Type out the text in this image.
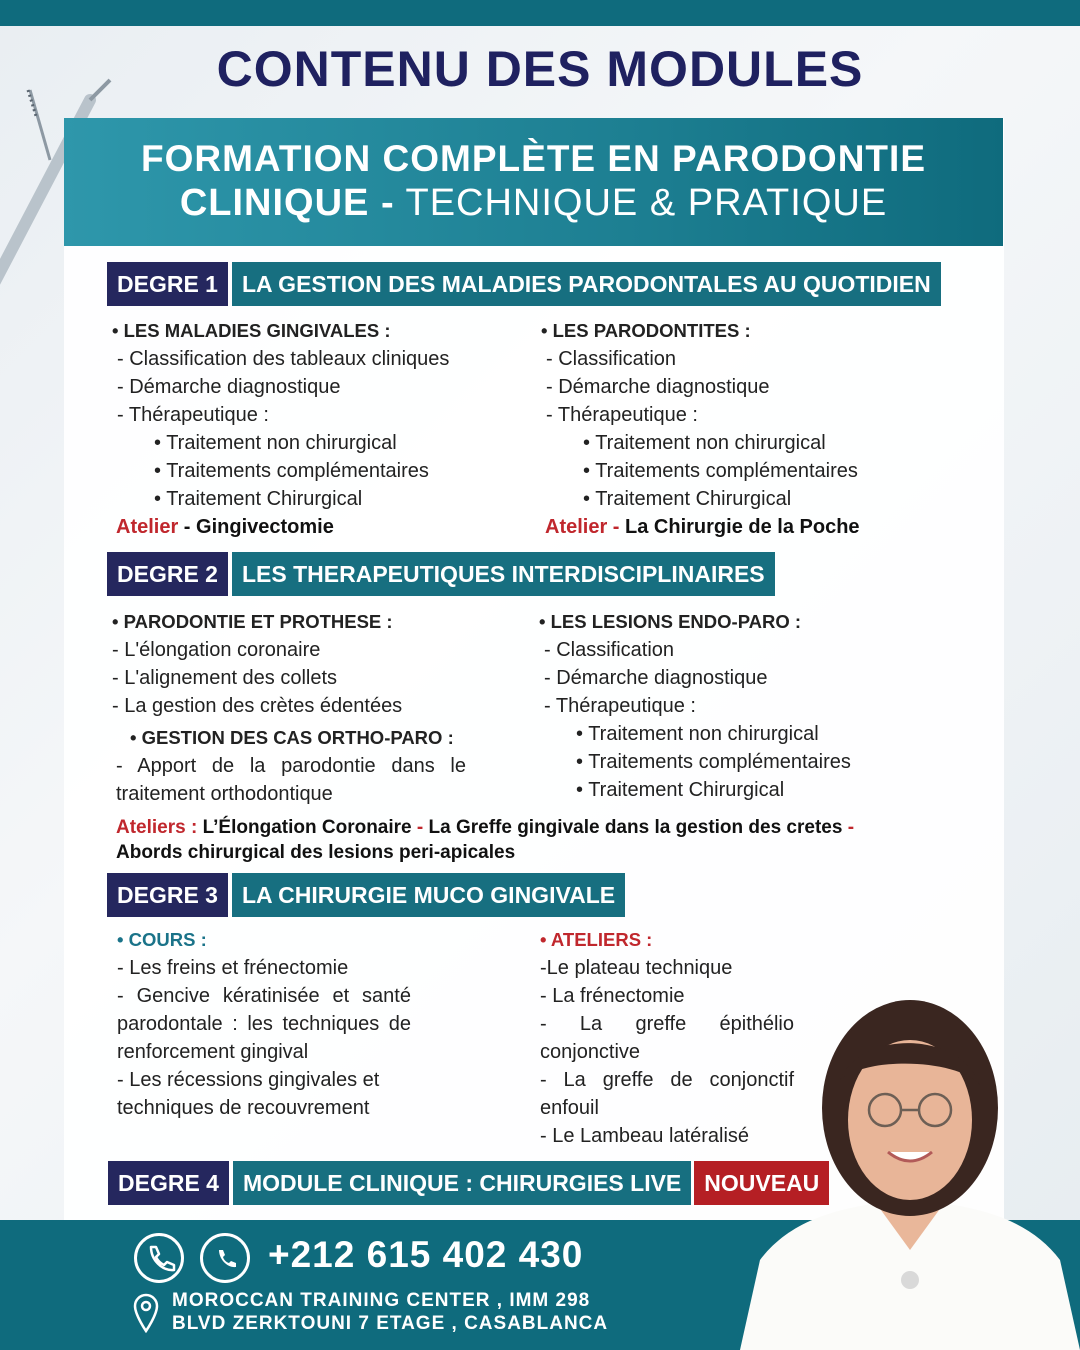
CONTENU DES MODULES
FORMATION COMPLÈTE EN PARODONTIE
CLINIQUE - TECHNIQUE & PRATIQUE
DEGRE 1	LA GESTION DES MALADIES PARODONTALES AU QUOTIDIEN
• LES MALADIES GINGIVALES :
- Classification des tableaux cliniques
- Démarche diagnostique
- Thérapeutique :
• Traitement non chirurgical
• Traitements complémentaires
• Traitement Chirurgical
Atelier - Gingivectomie
• LES PARODONTITES :
- Classification
- Démarche diagnostique
- Thérapeutique :
• Traitement non chirurgical
• Traitements complémentaires
• Traitement Chirurgical
Atelier - La Chirurgie de la Poche
DEGRE 2	LES THERAPEUTIQUES INTERDISCIPLINAIRES
• PARODONTIE ET PROTHESE :
- L'élongation coronaire
- L'alignement des collets
- La gestion des crètes édentées
• GESTION DES CAS ORTHO-PARO :
- Apport de la parodontie dans le traitement orthodontique
• LES LESIONS ENDO-PARO :
- Classification
- Démarche diagnostique
- Thérapeutique :
• Traitement non chirurgical
• Traitements complémentaires
• Traitement Chirurgical
Ateliers : L’Élongation Coronaire - La Greffe gingivale dans la gestion des cretes - Abords chirurgical des lesions peri-apicales
DEGRE 3	LA CHIRURGIE MUCO GINGIVALE
• COURS :
- Les freins et frénectomie
- Gencive kératinisée et santé parodontale : les techniques de renforcement gingival
- Les récessions gingivales et techniques de recouvrement
• ATELIERS :
-Le plateau technique
- La frénectomie
- La greffe épithélio conjonctive
- La greffe de conjonctif enfouil
- Le Lambeau latéralisé
DEGRE 4	MODULE CLINIQUE : CHIRURGIES LIVE	NOUVEAU
+212 615 402 430
MOROCCAN TRAINING CENTER , IMM 298
BLVD ZERKTOUNI 7 ETAGE , CASABLANCA
